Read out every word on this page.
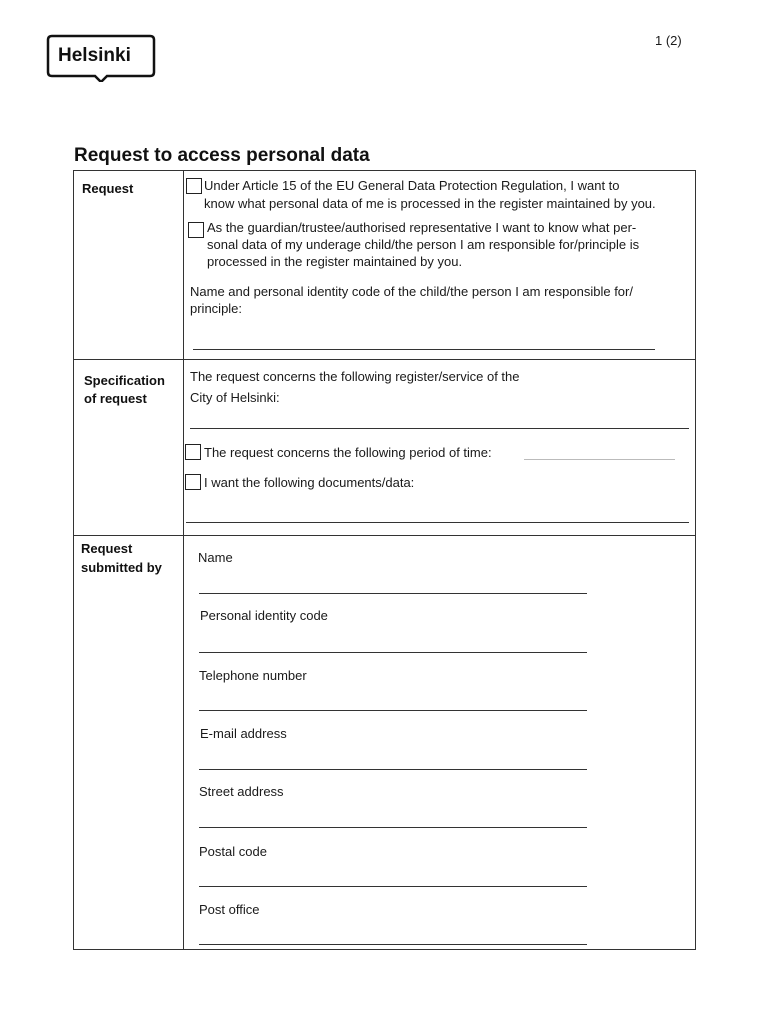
Helsinki
1 (2)
Request to access personal data
Request	Under Article 15 of the EU General Data Protection Regulation, I want to
know what personal data of me is processed in the register maintained by you.
As the guardian/trustee/authorised representative I want to know what per-
sonal data of my underage child/the person I am responsible for/principle is
processed in the register maintained by you.
Name and personal identity code of the child/the person I am responsible for/
principle:
Specification
of request
The request concerns the following register/service of the
City of Helsinki:
The request concerns the following period of time:
I want the following documents/data:
Request
submitted by
Name
Personal identity code
Telephone number
E-mail address
Street address
Postal code
Post office
